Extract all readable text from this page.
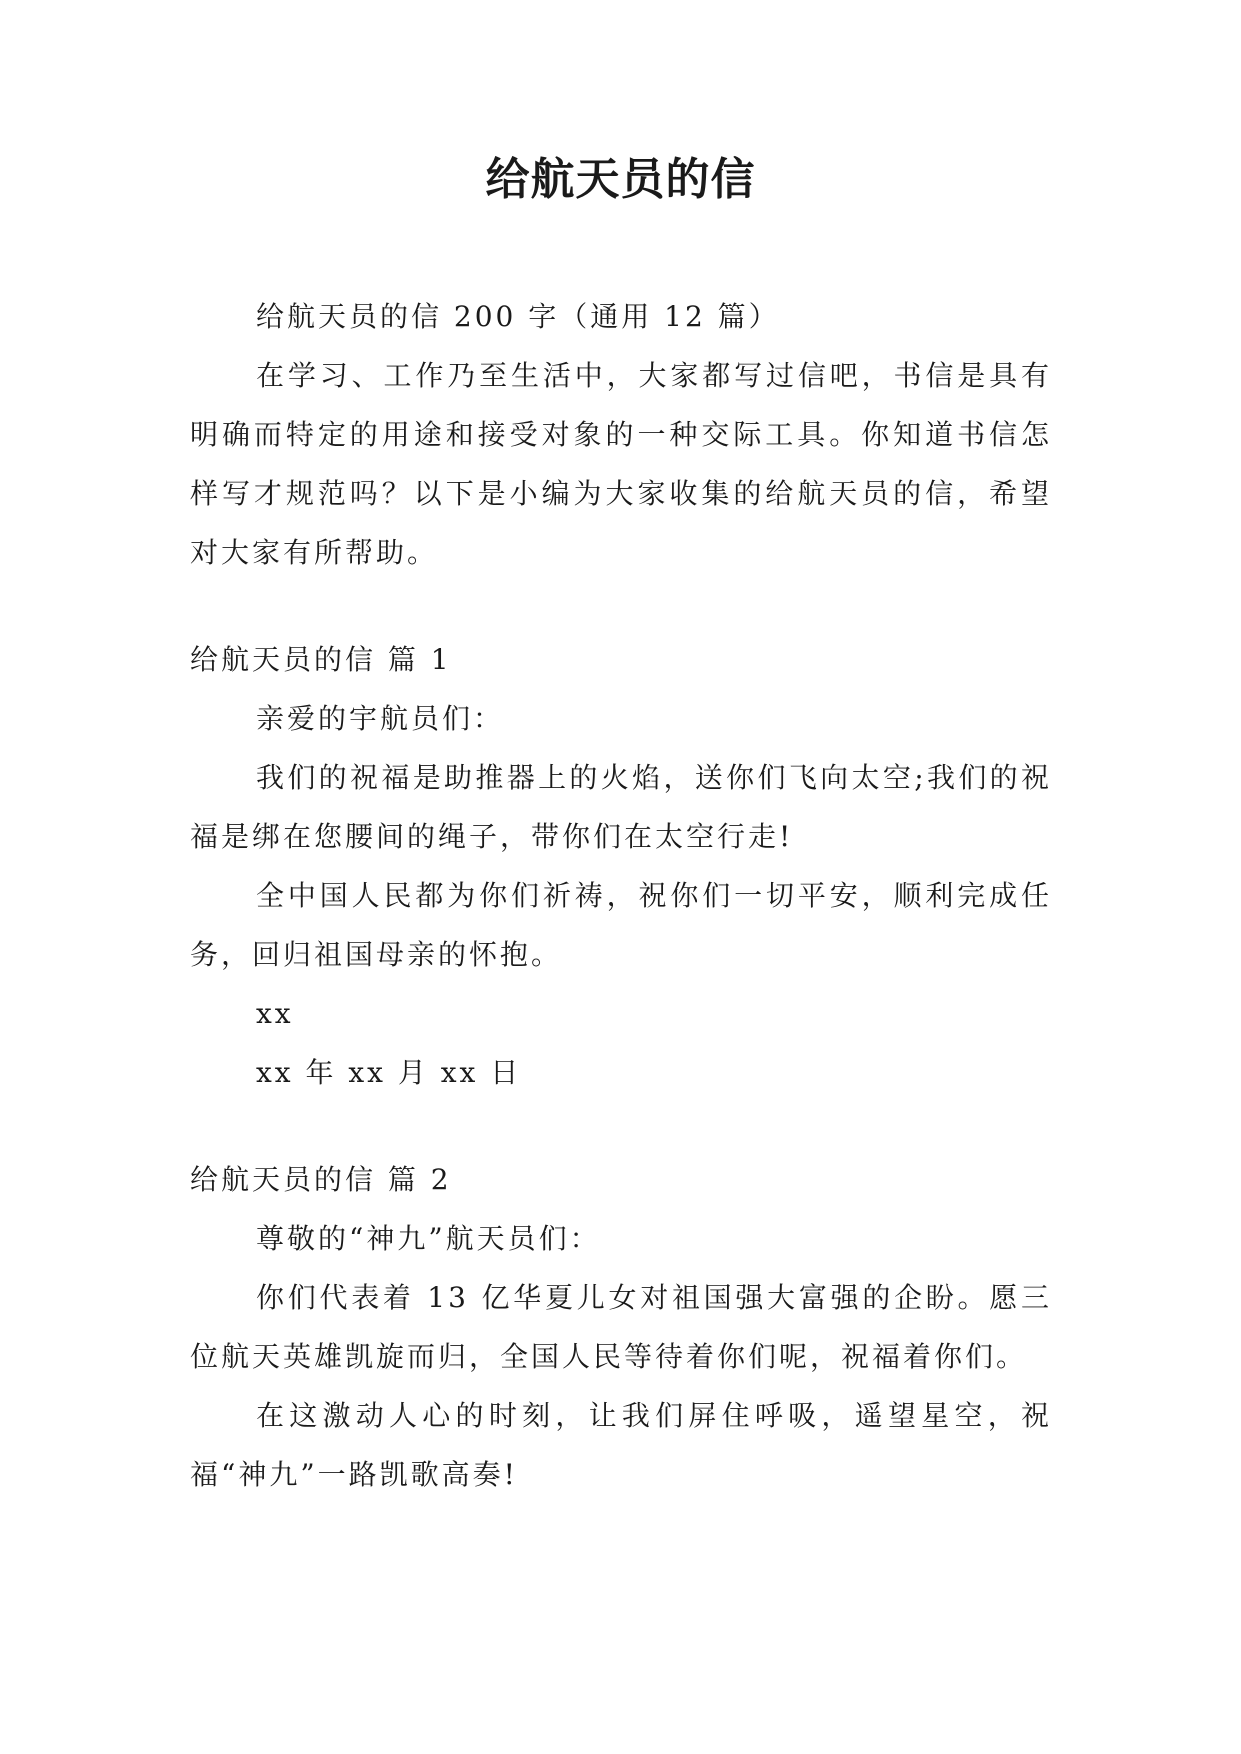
给航天员的信

给航天员的信 200 字（通用 12 篇）

在学习、工作乃至生活中，大家都写过信吧，书信是具有明确而特定的用途和接受对象的一种交际工具。你知道书信怎样写才规范吗？以下是小编为大家收集的给航天员的信，希望对大家有所帮助。

给航天员的信 篇 1

亲爱的宇航员们：

我们的祝福是助推器上的火焰，送你们飞向太空;我们的祝福是绑在您腰间的绳子，带你们在太空行走!

全中国人民都为你们祈祷，祝你们一切平安，顺利完成任务，回归祖国母亲的怀抱。

xx

xx 年 xx 月 xx 日

给航天员的信 篇 2

尊敬的“神九”航天员们：

你们代表着 13 亿华夏儿女对祖国强大富强的企盼。愿三位航天英雄凯旋而归，全国人民等待着你们呢，祝福着你们。

在这激动人心的时刻，让我们屏住呼吸，遥望星空，祝福“神九”一路凯歌高奏!
